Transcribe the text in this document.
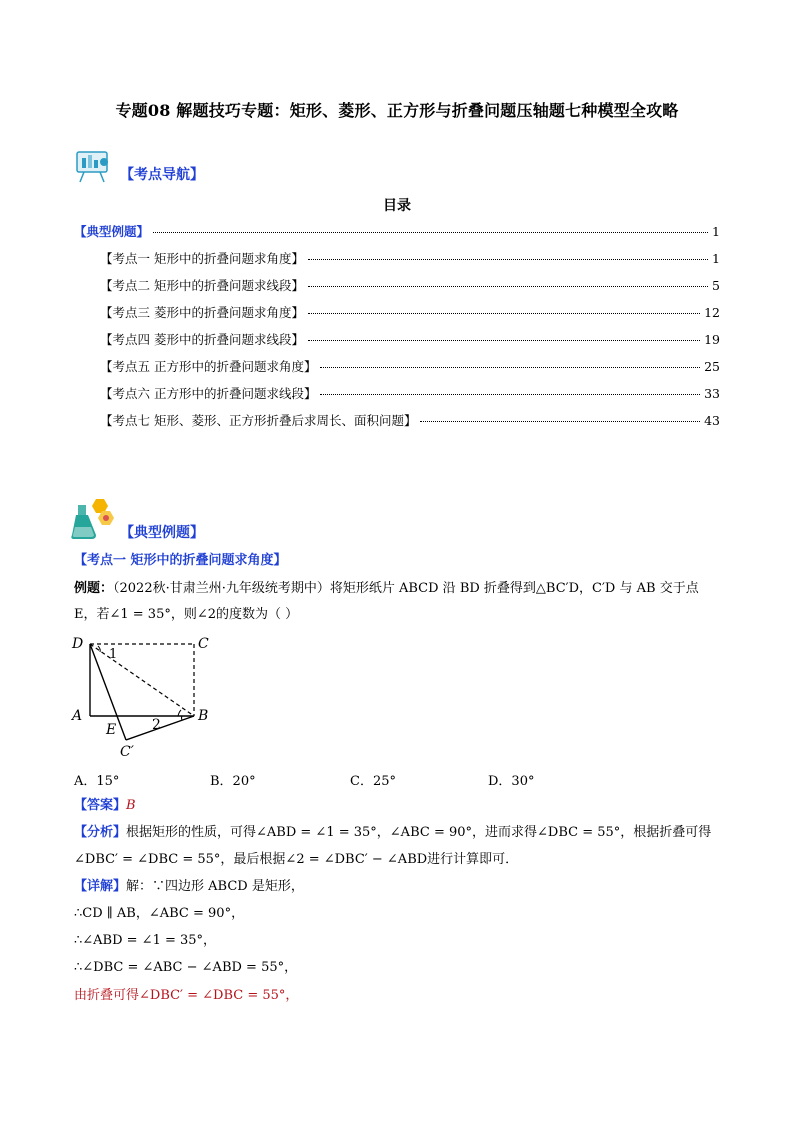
专题08 解题技巧专题：矩形、菱形、正方形与折叠问题压轴题七种模型全攻略
【考点导航】
目录
【典型例题】	1
【考点一 矩形中的折叠问题求角度】	1
【考点二 矩形中的折叠问题求线段】	5
【考点三 菱形中的折叠问题求角度】	12
【考点四 菱形中的折叠问题求线段】	19
【考点五 正方形中的折叠问题求角度】	25
【考点六 正方形中的折叠问题求线段】	33
【考点七 矩形、菱形、正方形折叠后求周长、面积问题】	43
【典型例题】
【考点一 矩形中的折叠问题求角度】
例题：（2022秋·甘肃兰州·九年级统考期中）将矩形纸片 ABCD 沿 BD 折叠得到△BC′D，C′D 与 AB 交于点
E，若∠1 = 35°，则∠2的度数为（ ）
D	C
A	B
E
C′
1
2
A．15°	B．20°	C．25°	D．30°
【答案】B
【分析】根据矩形的性质，可得∠ABD = ∠1 = 35°，∠ABC = 90°，进而求得∠DBC = 55°，根据折叠可得
∠DBC′ = ∠DBC = 55°，最后根据∠2 = ∠DBC′ − ∠ABD进行计算即可．
【详解】解：∵四边形 ABCD 是矩形，
∴CD ∥ AB，∠ABC = 90°，
∴∠ABD = ∠1 = 35°，
∴∠DBC = ∠ABC − ∠ABD = 55°，
由折叠可得∠DBC′ = ∠DBC = 55°，
